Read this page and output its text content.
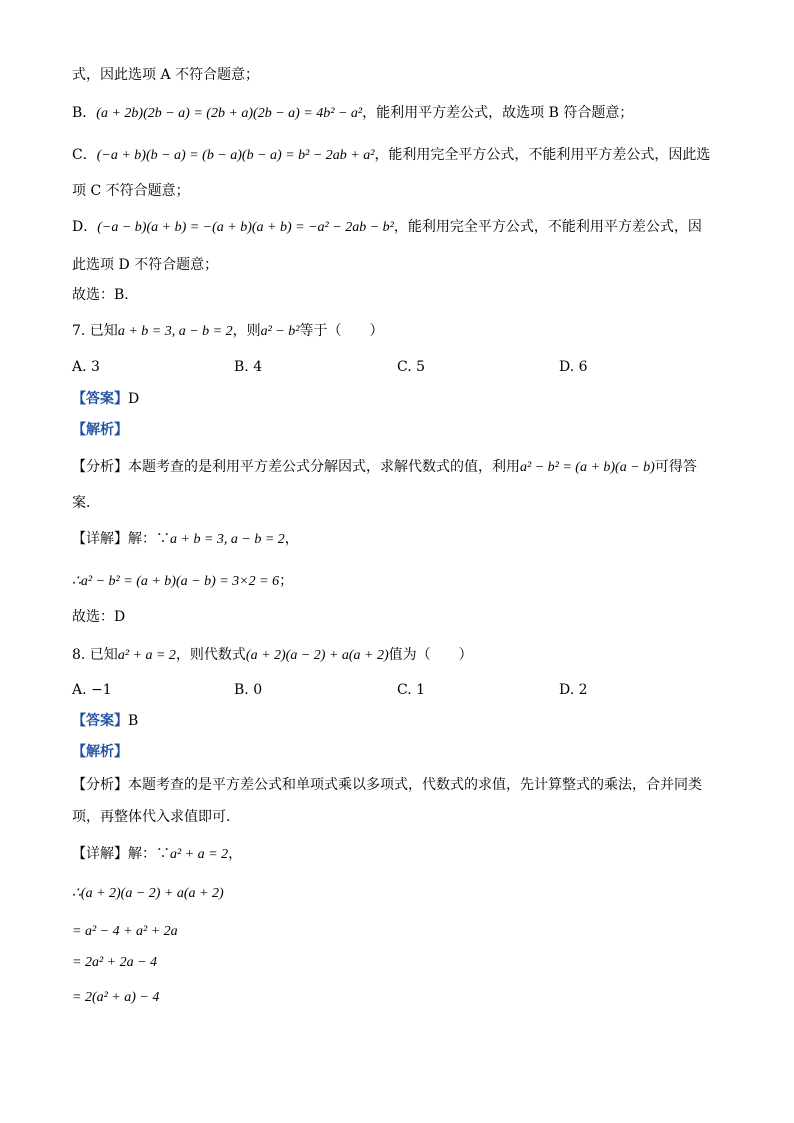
式，因此选项 A 不符合题意；
B．(a + 2b)(2b − a) = (2b + a)(2b − a) = 4b² − a²，能利用平方差公式，故选项 B 符合题意；
C．(−a + b)(b − a) = (b − a)(b − a) = b² − 2ab + a²，能利用完全平方公式，不能利用平方差公式，因此选
项 C 不符合题意；
D．(−a − b)(a + b) = −(a + b)(a + b) = −a² − 2ab − b²，能利用完全平方公式，不能利用平方差公式，因
此选项 D 不符合题意；
故选：B．
7. 已知a + b = 3, a − b = 2，则a² − b²等于（　　）
A. 3	B. 4	C. 5	D. 6
【答案】D
【解析】
【分析】本题考查的是利用平方差公式分解因式，求解代数式的值，利用a² − b² = (a + b)(a − b)可得答
案．
【详解】解：∵a + b = 3, a − b = 2，
∴a² − b² = (a + b)(a − b) = 3×2 = 6；
故选：D
8. 已知a² + a = 2，则代数式(a + 2)(a − 2) + a(a + 2)值为（　　）
A. −1	B. 0	C. 1	D. 2
【答案】B
【解析】
【分析】本题考查的是平方差公式和单项式乘以多项式，代数式的求值，先计算整式的乘法，合并同类
项，再整体代入求值即可．
【详解】解：∵a² + a = 2，
∴(a + 2)(a − 2) + a(a + 2)
= a² − 4 + a² + 2a
= 2a² + 2a − 4
= 2(a² + a) − 4
